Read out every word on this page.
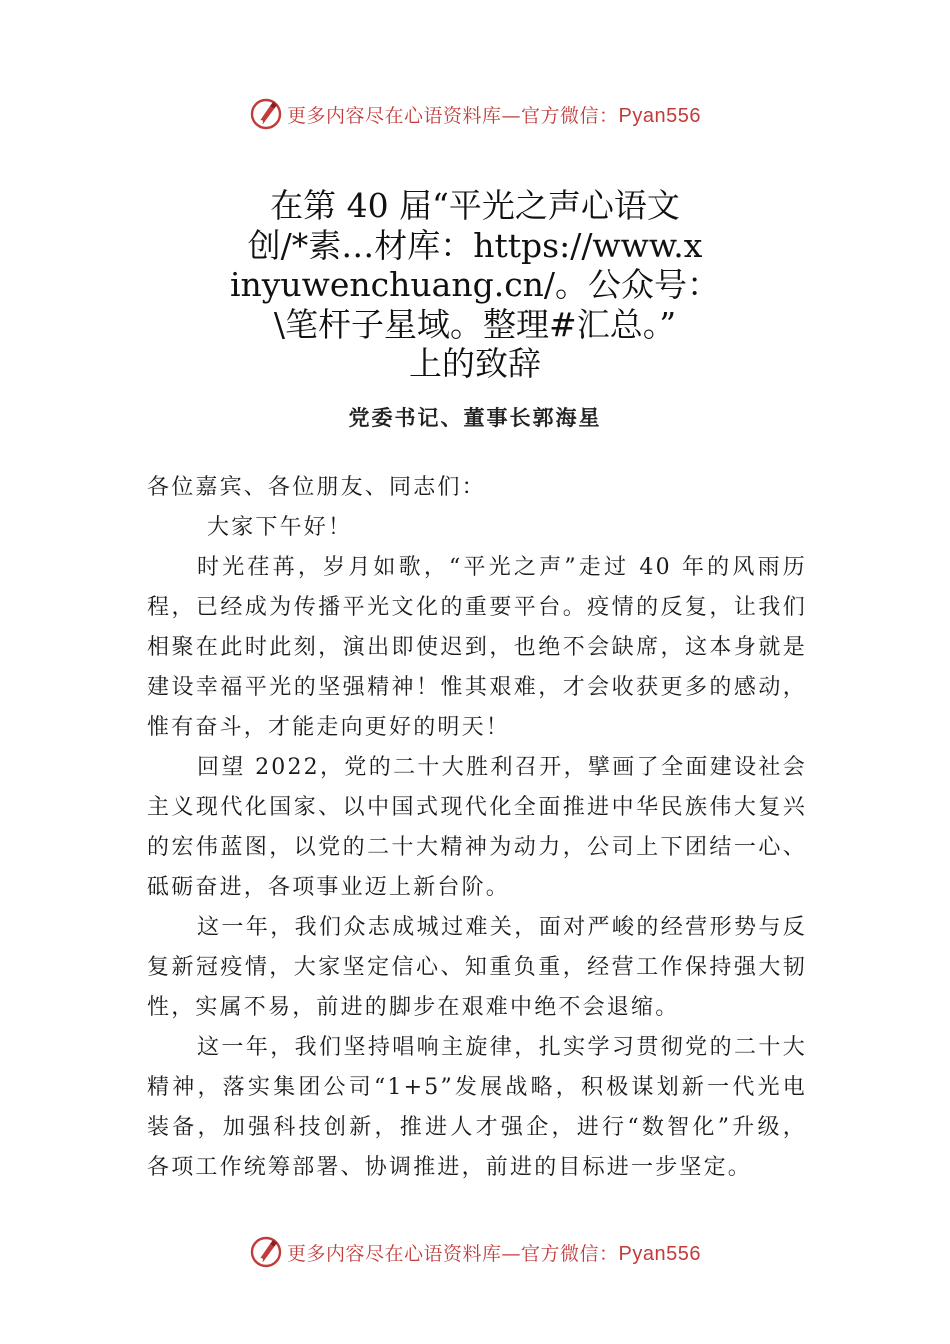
更多内容尽在心语资料库—官方微信：Pyan556
在第 40 届“平光之声心语文
创/*素…材库：https://www.x
inyuwenchuang.cn/。公众号：
\笔杆子星域。整理#汇总。”
上的致辞
党委书记、董事长郭海星

各位嘉宾、各位朋友、同志们：

大家下午好！

时光荏苒，岁月如歌，“平光之声”走过 40 年的风雨历程，已经成为传播平光文化的重要平台。疫情的反复，让我们相聚在此时此刻，演出即使迟到，也绝不会缺席，这本身就是建设幸福平光的坚强精神！惟其艰难，才会收获更多的感动，惟有奋斗，才能走向更好的明天！

回望 2022，党的二十大胜利召开，擘画了全面建设社会主义现代化国家、以中国式现代化全面推进中华民族伟大复兴的宏伟蓝图，以党的二十大精神为动力，公司上下团结一心、砥砺奋进，各项事业迈上新台阶。

这一年，我们众志成城过难关，面对严峻的经营形势与反复新冠疫情，大家坚定信心、知重负重，经营工作保持强大韧性，实属不易，前进的脚步在艰难中绝不会退缩。

这一年，我们坚持唱响主旋律，扎实学习贯彻党的二十大精神，落实集团公司“1+5”发展战略，积极谋划新一代光电 装备，加强科技创新，推进人才强企，进行“数智化”升级， 各项工作统筹部署、协调推进，前进的目标进一步坚定。

更多内容尽在心语资料库—官方微信：Pyan556
